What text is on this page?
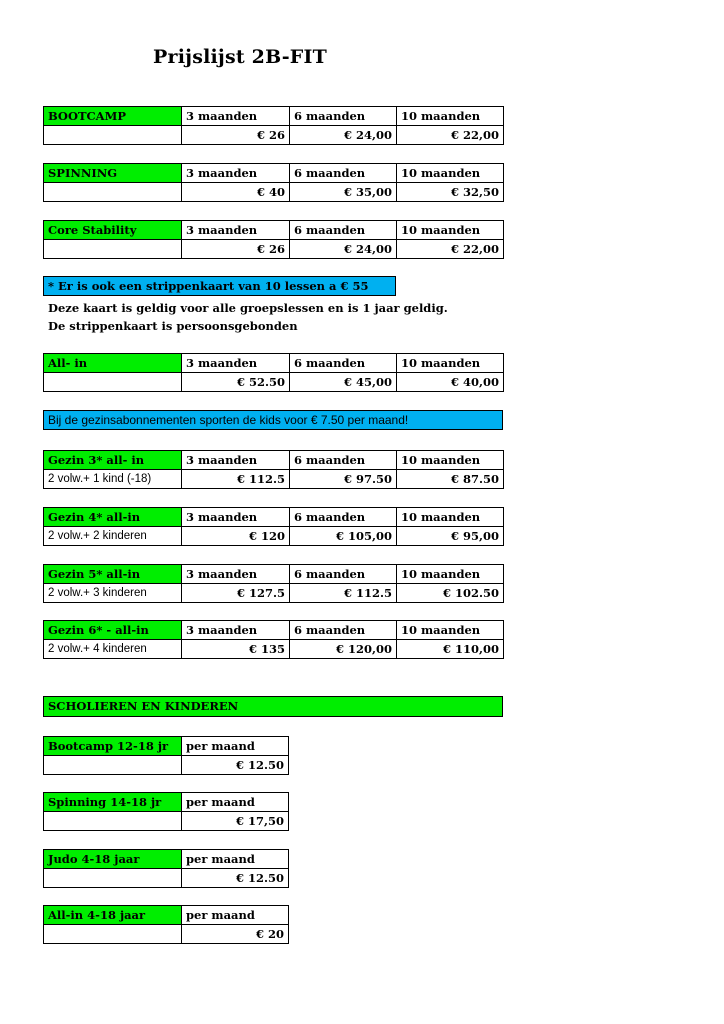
Prijslijst 2B-FIT
BOOTCAMP	3 maanden	6 maanden	10 maanden
	€ 26	€ 24,00	€ 22,00
SPINNING	3 maanden	6 maanden	10 maanden
	€ 40	€ 35,00	€ 32,50
Core Stability	3 maanden	6 maanden	10 maanden
	€ 26	€ 24,00	€ 22,00
* Er is ook een strippenkaart van 10 lessen a € 55
Deze kaart is geldig voor alle groepslessen en is 1 jaar geldig.
De strippenkaart is persoonsgebonden
All- in	3 maanden	6 maanden	10 maanden
	€ 52.50	€ 45,00	€ 40,00
Bij de gezinsabonnementen sporten de kids voor € 7.50 per maand!
Gezin 3* all- in	3 maanden	6 maanden	10 maanden
2 volw.+ 1 kind (-18)	€ 112.5	€ 97.50	€ 87.50
Gezin 4* all-in	3 maanden	6 maanden	10 maanden
2 volw.+ 2 kinderen	€ 120	€ 105,00	€ 95,00
Gezin 5* all-in	3 maanden	6 maanden	10 maanden
2 volw.+ 3 kinderen	€ 127.5	€ 112.5	€ 102.50
Gezin 6* - all-in	3 maanden	6 maanden	10 maanden
2 volw.+ 4 kinderen	€ 135	€ 120,00	€ 110,00
SCHOLIEREN EN KINDEREN
Bootcamp 12-18 jr	per maand
	€ 12.50
Spinning 14-18 jr	per maand
	€ 17,50
Judo 4-18 jaar	per maand
	€ 12.50
All-in 4-18 jaar	per maand
	€ 20
